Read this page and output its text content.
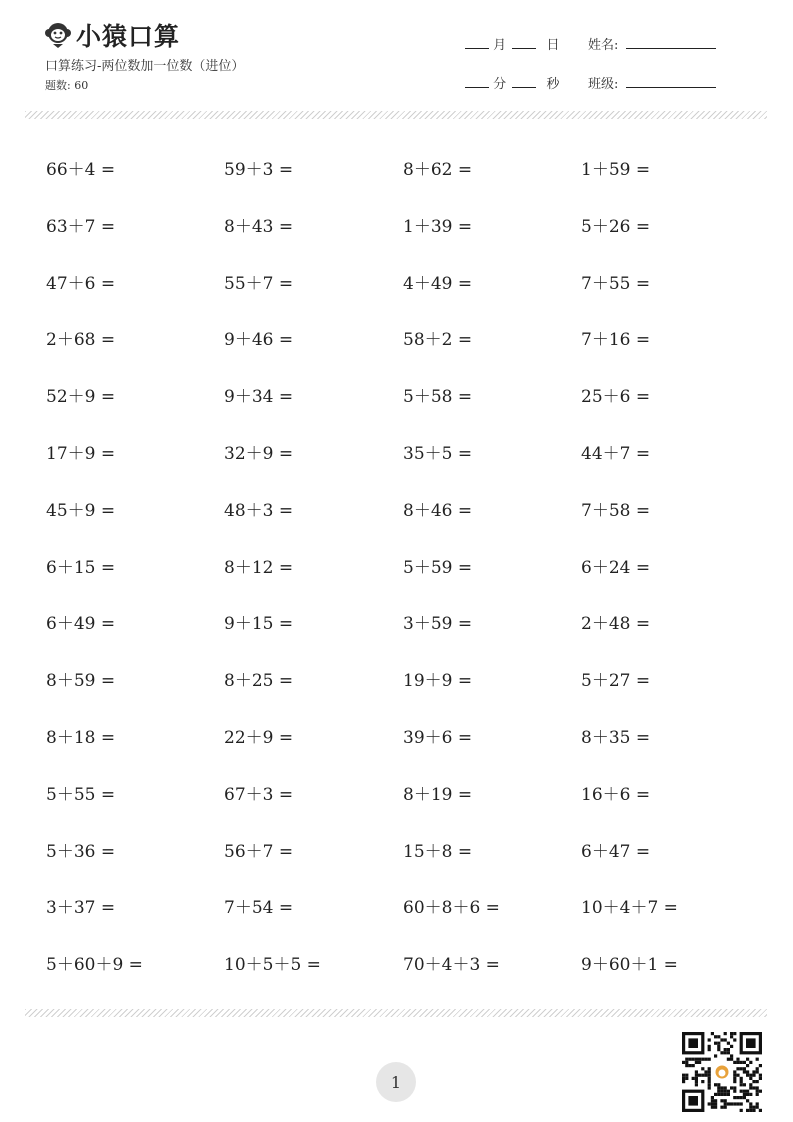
小猿口算
口算练习-两位数加一位数（进位）
题数: 60
月	日
分	秒
姓名:
班级:
66＋4 =	59＋3 =	8＋62 =	1＋59 =
63＋7 =	8＋43 =	1＋39 =	5＋26 =
47＋6 =	55＋7 =	4＋49 =	7＋55 =
2＋68 =	9＋46 =	58＋2 =	7＋16 =
52＋9 =	9＋34 =	5＋58 =	25＋6 =
17＋9 =	32＋9 =	35＋5 =	44＋7 =
45＋9 =	48＋3 =	8＋46 =	7＋58 =
6＋15 =	8＋12 =	5＋59 =	6＋24 =
6＋49 =	9＋15 =	3＋59 =	2＋48 =
8＋59 =	8＋25 =	19＋9 =	5＋27 =
8＋18 =	22＋9 =	39＋6 =	8＋35 =
5＋55 =	67＋3 =	8＋19 =	16＋6 =
5＋36 =	56＋7 =	15＋8 =	6＋47 =
3＋37 =	7＋54 =	60＋8＋6 =	10＋4＋7 =
5＋60＋9 =	10＋5＋5 =	70＋4＋3 =	9＋60＋1 =
1
